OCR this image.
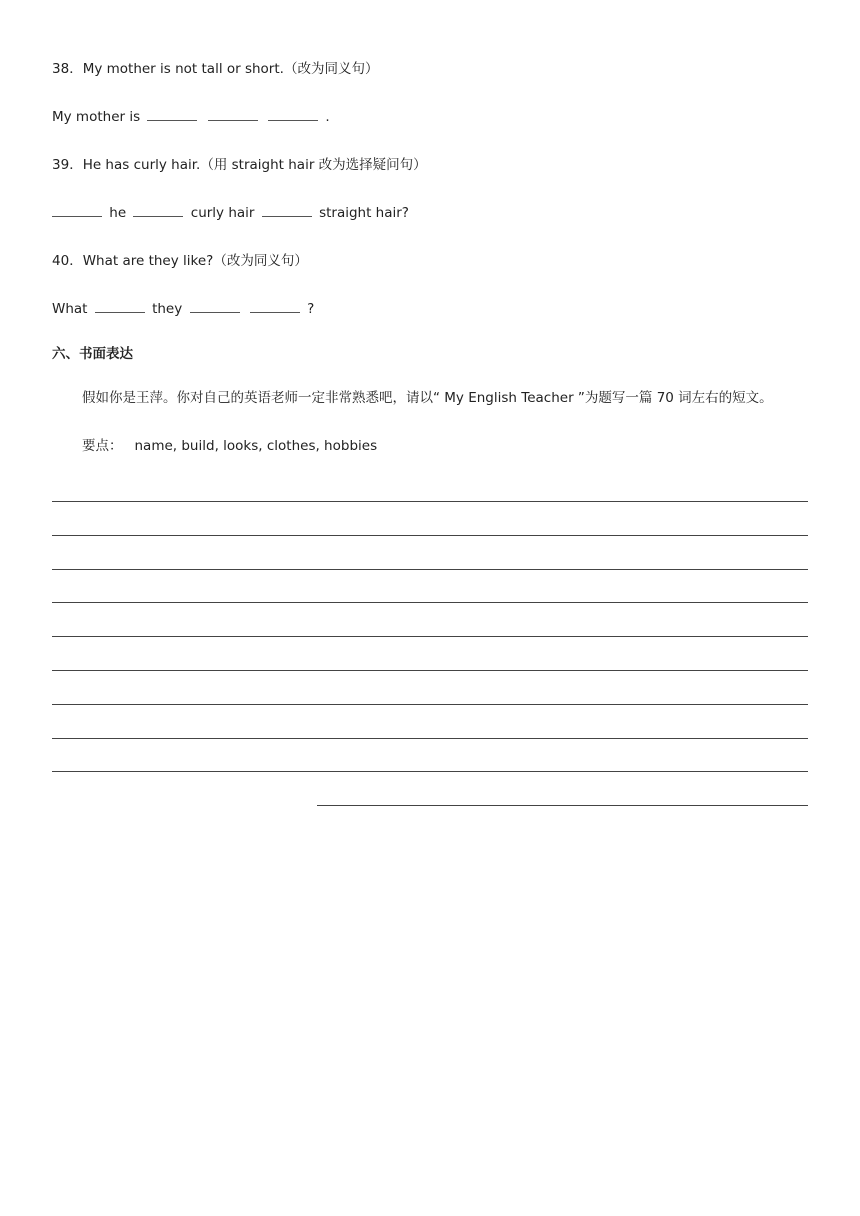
38．My mother is not tall or short.（改为同义句）
My mother is	.
39．He has curly hair.（用 straight hair 改为选择疑问句）
he	curly hair	straight hair?
40．What are they like?（改为同义句）
What	they	?
六、书面表达
假如你是王萍。你对自己的英语老师一定非常熟悉吧，请以“ My English Teacher ”为题写一篇 70 词左右的短文。
要点： name, build, looks, clothes, hobbies
